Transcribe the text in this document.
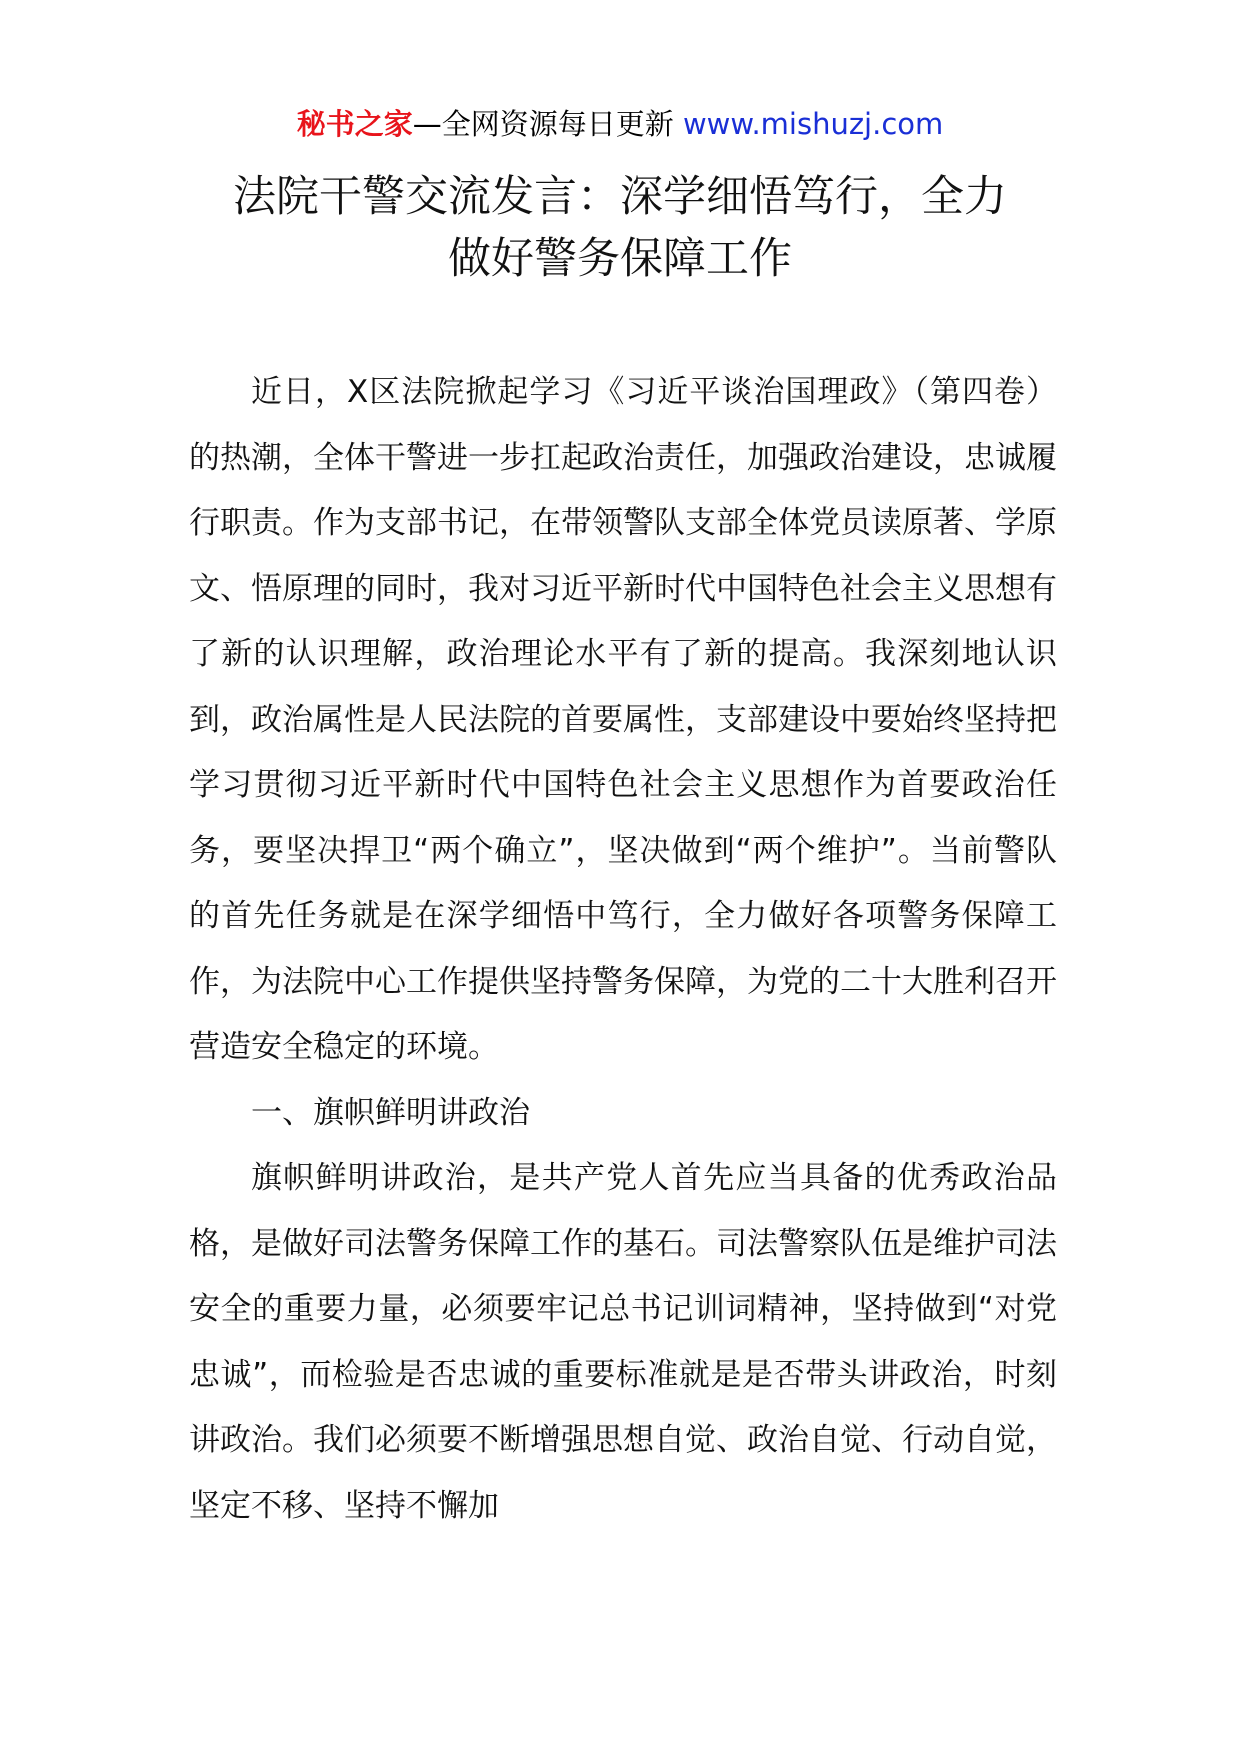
秘书之家—全网资源每日更新 www.mishuzj.com
法院干警交流发言：深学细悟笃行，全力
做好警务保障工作

近日，X区法院掀起学习《习近平谈治国理政》（第四卷）的热潮，全体干警进一步扛起政治责任，加强政治建设，忠诚履行职责。作为支部书记，在带领警队支部全体党员读原著、学原文、悟原理的同时，我对习近平新时代中国特色社会主义思想有了新的认识理解，政治理论水平有了新的提高。我深刻地认识到，政治属性是人民法院的首要属性，支部建设中要始终坚持把学习贯彻习近平新时代中国特色社会主义思想作为首要政治任务，要坚决捍卫“两个确立”，坚决做到“两个维护”。当前警队的首先任务就是在深学细悟中笃行，全力做好各项警务保障工作，为法院中心工作提供坚持警务保障，为党的二十大胜利召开营造安全稳定的环境。

一、旗帜鲜明讲政治

旗帜鲜明讲政治，是共产党人首先应当具备的优秀政治品格，是做好司法警务保障工作的基石。司法警察队伍是维护司法安全的重要力量，必须要牢记总书记训词精神，坚持做到“对党忠诚”，而检验是否忠诚的重要标准就是是否带头讲政治，时刻讲政治。我们必须要不断增强思想自觉、政治自觉、行动自觉，坚定不移、坚持不懈加
